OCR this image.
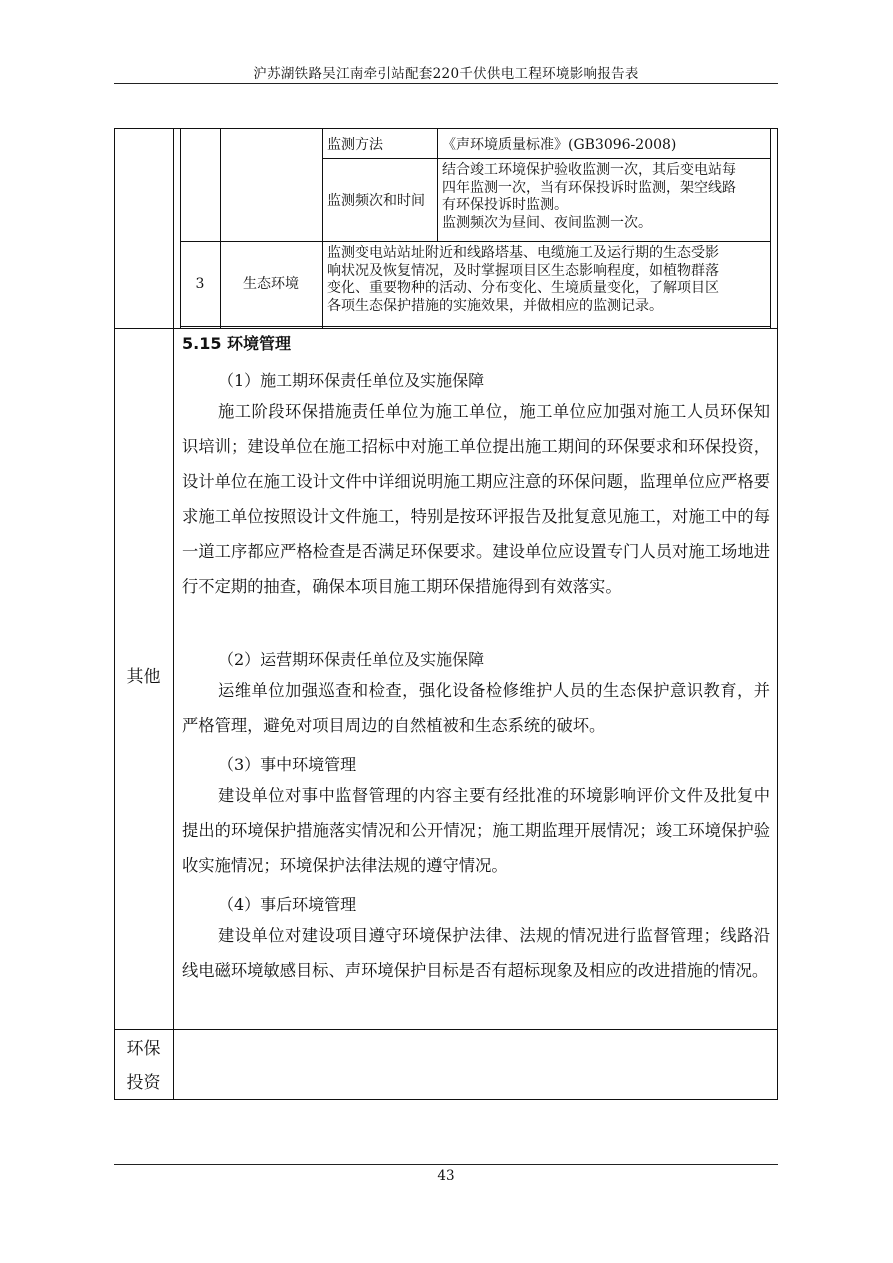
沪苏湖铁路吴江南牵引站配套220千伏供电工程环境影响报告表
监测方法	《声环境质量标准》(GB3096-2008)
监测频次和时间
结合竣工环境保护验收监测一次，其后变电站每
四年监测一次，当有环保投诉时监测，架空线路
有环保投诉时监测。
监测频次为昼间、夜间监测一次。
3	生态环境
监测变电站站址附近和线路塔基、电缆施工及运行期的生态受影
响状况及恢复情况，及时掌握项目区生态影响程度，如植物群落
变化、重要物种的活动、分布变化、生境质量变化，了解项目区
各项生态保护措施的实施效果，并做相应的监测记录。
其他
5.15 环境管理
（1）施工期环保责任单位及实施保障

施工阶段环保措施责任单位为施工单位，施工单位应加强对施工人员环保知识培训；建设单位在施工招标中对施工单位提出施工期间的环保要求和环保投资，设计单位在施工设计文件中详细说明施工期应注意的环保问题，监理单位应严格要求施工单位按照设计文件施工，特别是按环评报告及批复意见施工，对施工中的每一道工序都应严格检查是否满足环保要求。建设单位应设置专门人员对施工场地进行不定期的抽查，确保本项目施工期环保措施得到有效落实。

（2）运营期环保责任单位及实施保障

运维单位加强巡查和检查，强化设备检修维护人员的生态保护意识教育，并严格管理，避免对项目周边的自然植被和生态系统的破坏。

（3）事中环境管理

建设单位对事中监督管理的内容主要有经批准的环境影响评价文件及批复中提出的环境保护措施落实情况和公开情况；施工期监理开展情况；竣工环境保护验收实施情况；环境保护法律法规的遵守情况。

（4）事后环境管理

建设单位对建设项目遵守环境保护法律、法规的情况进行监督管理；线路沿线电磁环境敏感目标、声环境保护目标是否有超标现象及相应的改进措施的情况。

环保
投资
43
